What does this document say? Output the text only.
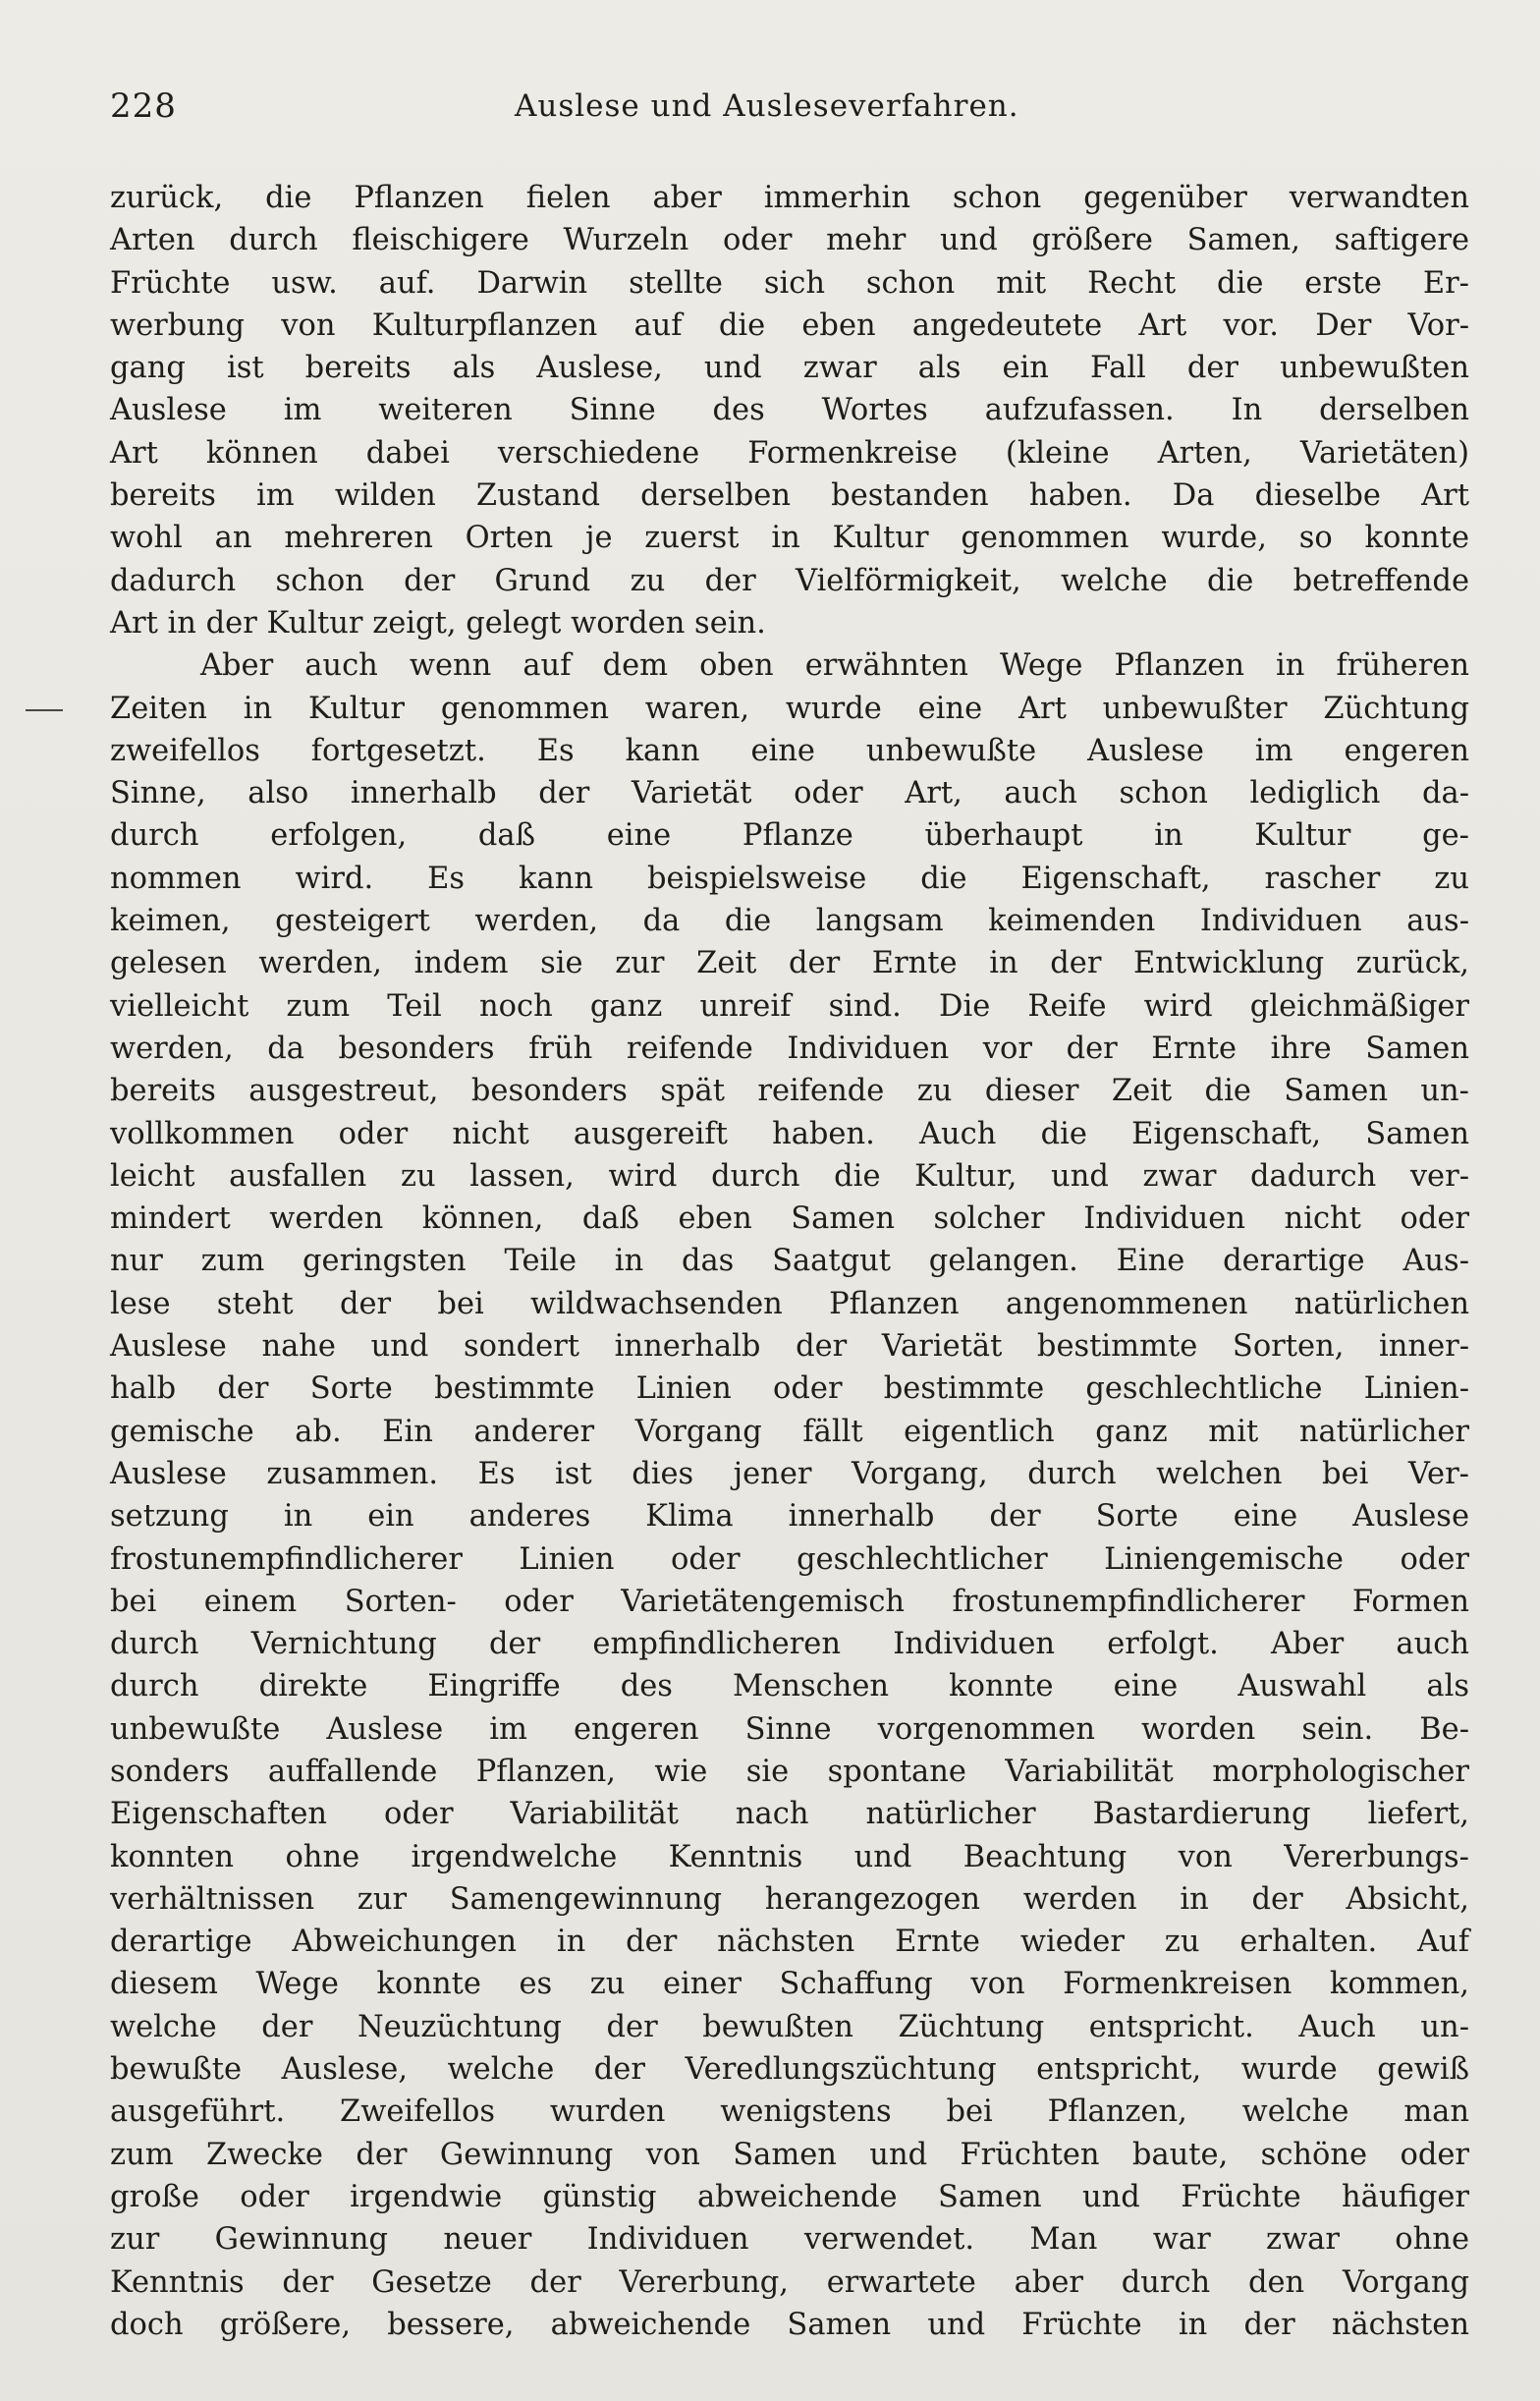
228	Auslese und Ausleseverfahren.
zurück, die Pflanzen fielen aber immerhin schon gegenüber verwandten
Arten durch fleischigere Wurzeln oder mehr und größere Samen, saftigere
Früchte usw. auf. Darwin stellte sich schon mit Recht die erste Er-
werbung von Kulturpflanzen auf die eben angedeutete Art vor. Der Vor-
gang ist bereits als Auslese, und zwar als ein Fall der unbewußten
Auslese im weiteren Sinne des Wortes aufzufassen. In derselben
Art können dabei verschiedene Formenkreise (kleine Arten, Varietäten)
bereits im wilden Zustand derselben bestanden haben. Da dieselbe Art
wohl an mehreren Orten je zuerst in Kultur genommen wurde, so konnte
dadurch schon der Grund zu der Vielförmigkeit, welche die betreffende
Art in der Kultur zeigt, gelegt worden sein.
Aber auch wenn auf dem oben erwähnten Wege Pflanzen in früheren
Zeiten in Kultur genommen waren, wurde eine Art unbewußter Züchtung
zweifellos fortgesetzt. Es kann eine unbewußte Auslese im engeren
Sinne, also innerhalb der Varietät oder Art, auch schon lediglich da-
durch erfolgen, daß eine Pflanze überhaupt in Kultur ge-
nommen wird. Es kann beispielsweise die Eigenschaft, rascher zu
keimen, gesteigert werden, da die langsam keimenden Individuen aus-
gelesen werden, indem sie zur Zeit der Ernte in der Entwicklung zurück,
vielleicht zum Teil noch ganz unreif sind. Die Reife wird gleichmäßiger
werden, da besonders früh reifende Individuen vor der Ernte ihre Samen
bereits ausgestreut, besonders spät reifende zu dieser Zeit die Samen un-
vollkommen oder nicht ausgereift haben. Auch die Eigenschaft, Samen
leicht ausfallen zu lassen, wird durch die Kultur, und zwar dadurch ver-
mindert werden können, daß eben Samen solcher Individuen nicht oder
nur zum geringsten Teile in das Saatgut gelangen. Eine derartige Aus-
lese steht der bei wildwachsenden Pflanzen angenommenen natürlichen
Auslese nahe und sondert innerhalb der Varietät bestimmte Sorten, inner-
halb der Sorte bestimmte Linien oder bestimmte geschlechtliche Linien-
gemische ab. Ein anderer Vorgang fällt eigentlich ganz mit natürlicher
Auslese zusammen. Es ist dies jener Vorgang, durch welchen bei Ver-
setzung in ein anderes Klima innerhalb der Sorte eine Auslese
frostunempfindlicherer Linien oder geschlechtlicher Liniengemische oder
bei einem Sorten- oder Varietätengemisch frostunempfindlicherer Formen
durch Vernichtung der empfindlicheren Individuen erfolgt. Aber auch
durch direkte Eingriffe des Menschen konnte eine Auswahl als
unbewußte Auslese im engeren Sinne vorgenommen worden sein. Be-
sonders auffallende Pflanzen, wie sie spontane Variabilität morphologischer
Eigenschaften oder Variabilität nach natürlicher Bastardierung liefert,
konnten ohne irgendwelche Kenntnis und Beachtung von Vererbungs-
verhältnissen zur Samengewinnung herangezogen werden in der Absicht,
derartige Abweichungen in der nächsten Ernte wieder zu erhalten. Auf
diesem Wege konnte es zu einer Schaffung von Formenkreisen kommen,
welche der Neuzüchtung der bewußten Züchtung entspricht. Auch un-
bewußte Auslese, welche der Veredlungszüchtung entspricht, wurde gewiß
ausgeführt. Zweifellos wurden wenigstens bei Pflanzen, welche man
zum Zwecke der Gewinnung von Samen und Früchten baute, schöne oder
große oder irgendwie günstig abweichende Samen und Früchte häufiger
zur Gewinnung neuer Individuen verwendet. Man war zwar ohne
Kenntnis der Gesetze der Vererbung, erwartete aber durch den Vorgang
doch größere, bessere, abweichende Samen und Früchte in der nächsten
